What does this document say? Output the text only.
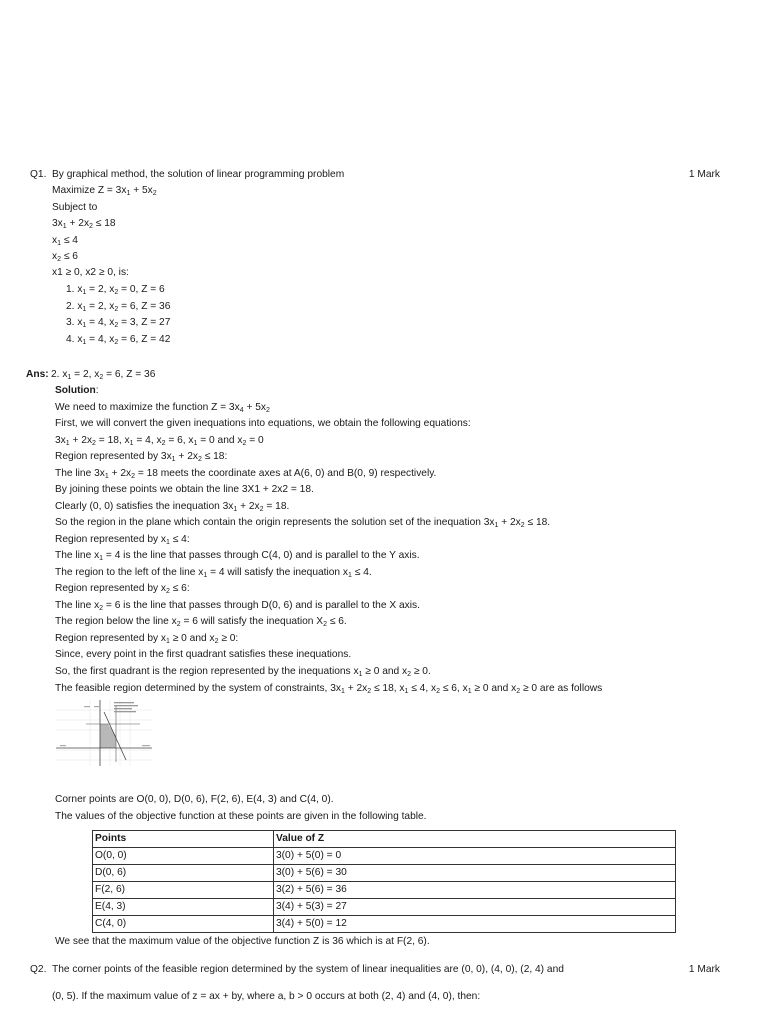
Q1. By graphical method, the solution of linear programming problem	1 Mark
Maximize $Z = 3x_1 + 5x_2$
Subject to
$3x_1 + 2x_2 \le 18$
$x_1 \le 4$
$x_2 \le 6$
x1 ≥ 0, x2 ≥ 0, is:
1. $x_1 = 2$, $x_2 = 0$, Z = 6
2. $x_1 = 2$, $x_2 = 6$, Z = 36
3. $x_1 = 4$, $x_2 = 3$, Z = 27
4. $x_1 = 4$, $x_2 = 6$, Z = 42
Ans: 2. $x_1 = 2$, $x_2 = 6$, Z = 36
Solution:
We need to maximize the function $Z = 3x_4 + 5x_2$
First, we will convert the given inequations into equations, we obtain the following equations:
$3x_1 + 2x_2 = 18$, $x_1 = 4$, $x_2 = 6$, $x_1 = 0$ and $x_2 = 0$
Region represented by $3x_1 + 2x_2 \le 18$:
The line $3x_1 + 2x_2 = 18$ meets the coordinate axes at A(6, 0) and B(0, 9) respectively.
By joining these points we obtain the line 3X1 + 2x2 = 18.
Clearly (0, 0) satisfies the inequation $3x_1 + 2x_2 = 18$.
So the region in the plane which contain the origin represents the solution set of the inequation $3x_1 + 2x_2 \le 18$.
Region represented by $x_1 \le 4$:
The line $x_1 = 4$ is the line that passes through C(4, 0) and is parallel to the Y axis.
The region to the left of the line $x_1 = 4$ will satisfy the inequation $x_1 \le 4$.
Region represented by $x_2 \le 6$:
The line $x_2 = 6$ is the line that passes through D(0, 6) and is parallel to the X axis.
The region below the line $x_2 = 6$ will satisfy the inequation $X_2 \le 6$.
Region represented by $x_1 \ge 0$ and $x_2 \ge 0$:
Since, every point in the first quadrant satisfies these inequations.
So, the first quadrant is the region represented by the inequations $x_1 \ge 0$ and $x_2 \ge 0$.
The feasible region determined by the system of constraints, $3x_1 + 2x_2 \le 18$, $x_1 \le 4$, $x_2 \le 6$, $x_1 \ge 0$ and $x_2 \ge 0$ are as follows
Corner points are O(0, 0), D(0, 6), F(2, 6), E(4, 3) and C(4, 0).
The values of the objective function at these points are given in the following table.
Points	Value of Z
O(0, 0)	3(0) + 5(0) = 0
D(0, 6)	3(0) + 5(6) = 30
F(2, 6)	3(2) + 5(6) = 36
E(4, 3)	3(4) + 5(3) = 27
C(4, 0)	3(4) + 5(0) = 12
We see that the maximum value of the objective function Z is 36 which is at F(2, 6).
Q2. The corner points of the feasible region determined by the system of linear inequalities are (0, 0), (4, 0), (2, 4) and	1 Mark
(0, 5). If the maximum value of z = ax + by, where a, b > 0 occurs at both (2, 4) and (4, 0), then:
